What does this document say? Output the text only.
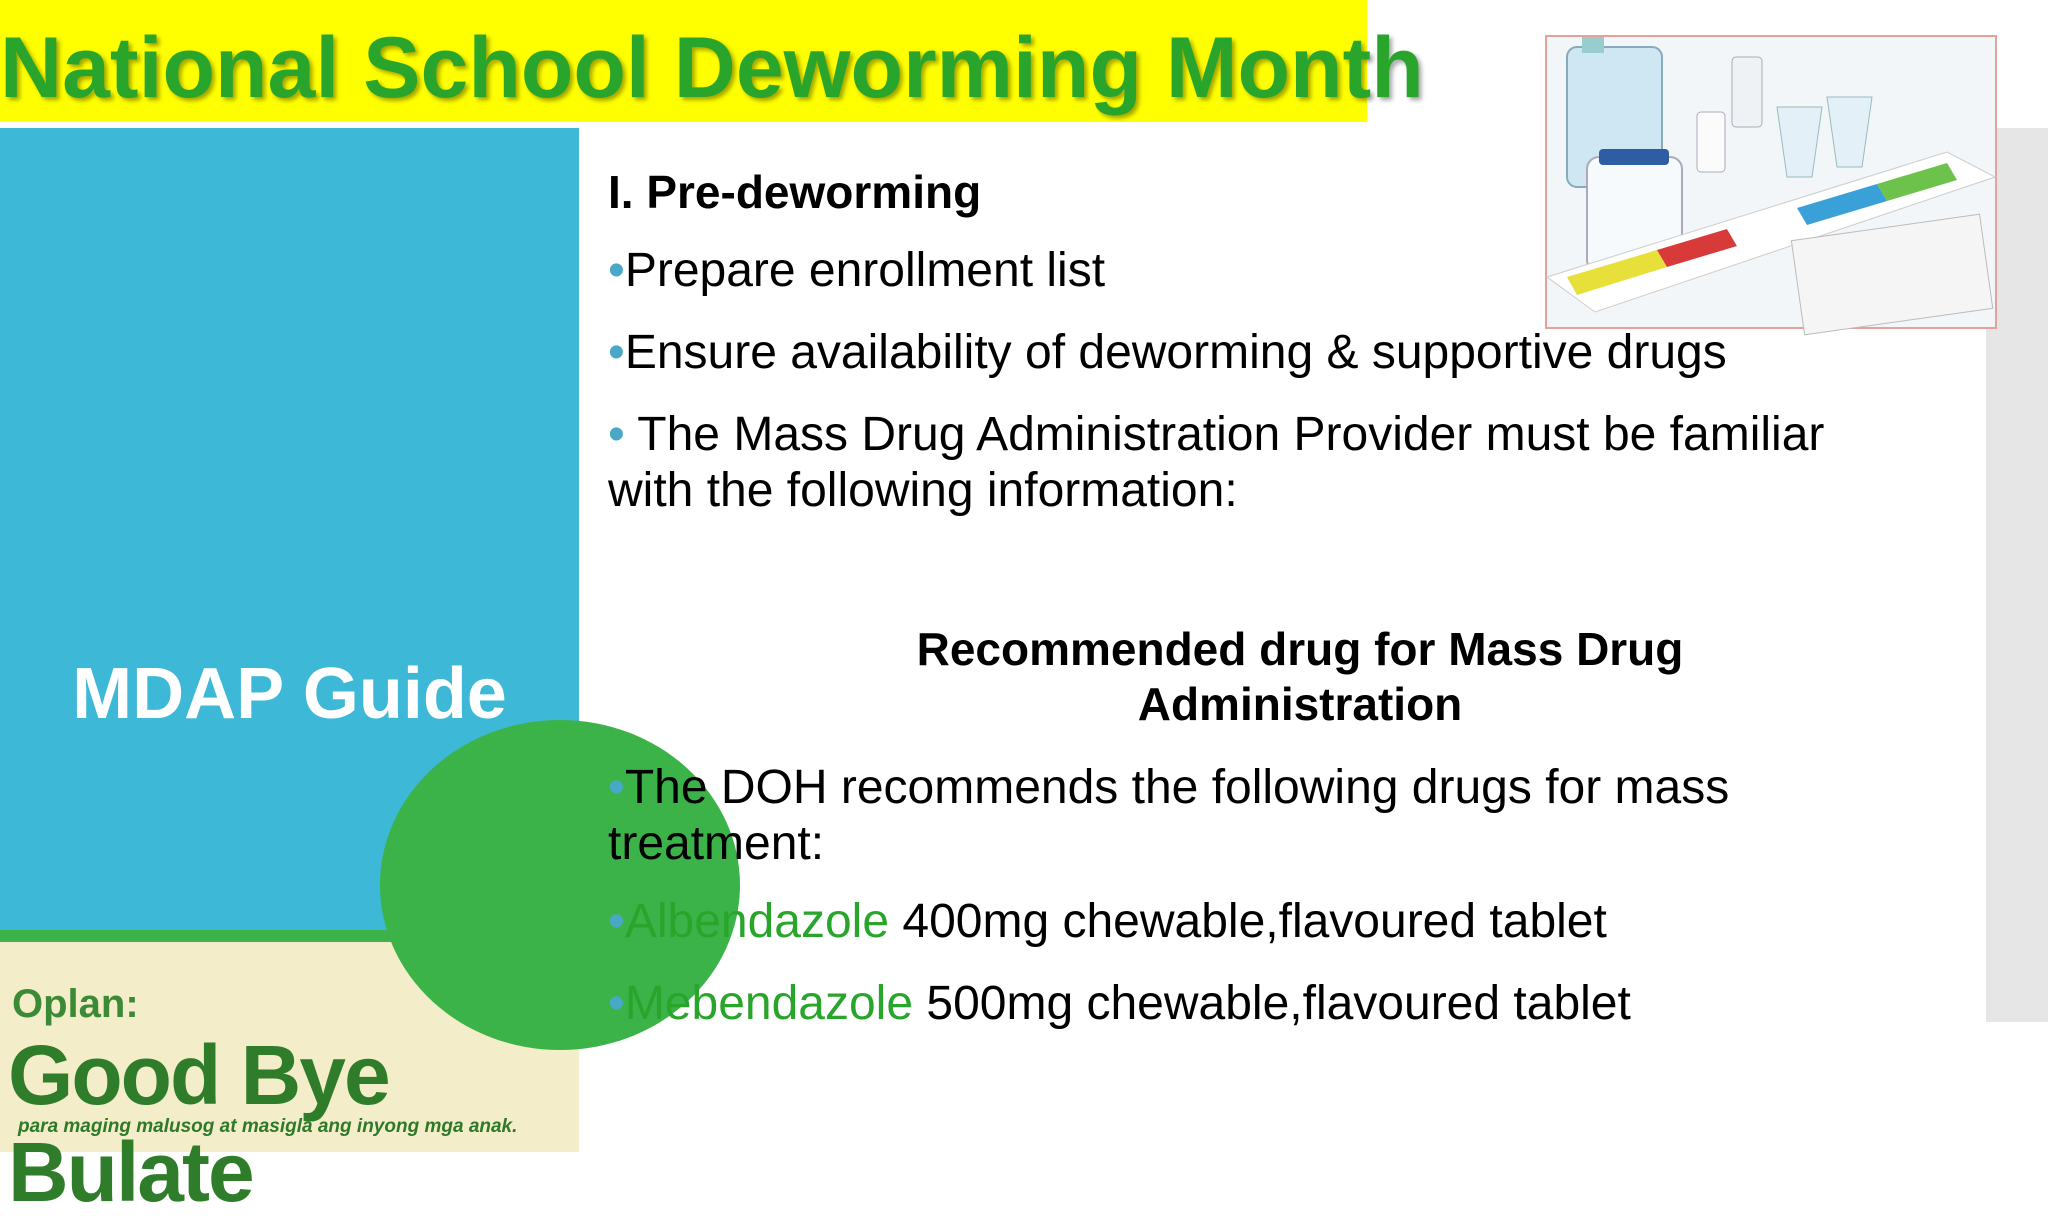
MDAP Guide
Oplan:
Good Bye Bulate
para maging malusog at masigla ang inyong mga anak.
National School Deworming Month
I. Pre-deworming
•Prepare enrollment list
•Ensure availability of deworming & supportive drugs
• The Mass Drug Administration Provider must be familiar with the following information:
Recommended drug for Mass Drug Administration
•The DOH recommends the following drugs for mass treatment:
•Albendazole 400mg chewable,flavoured tablet
•Mebendazole 500mg chewable,flavoured tablet
